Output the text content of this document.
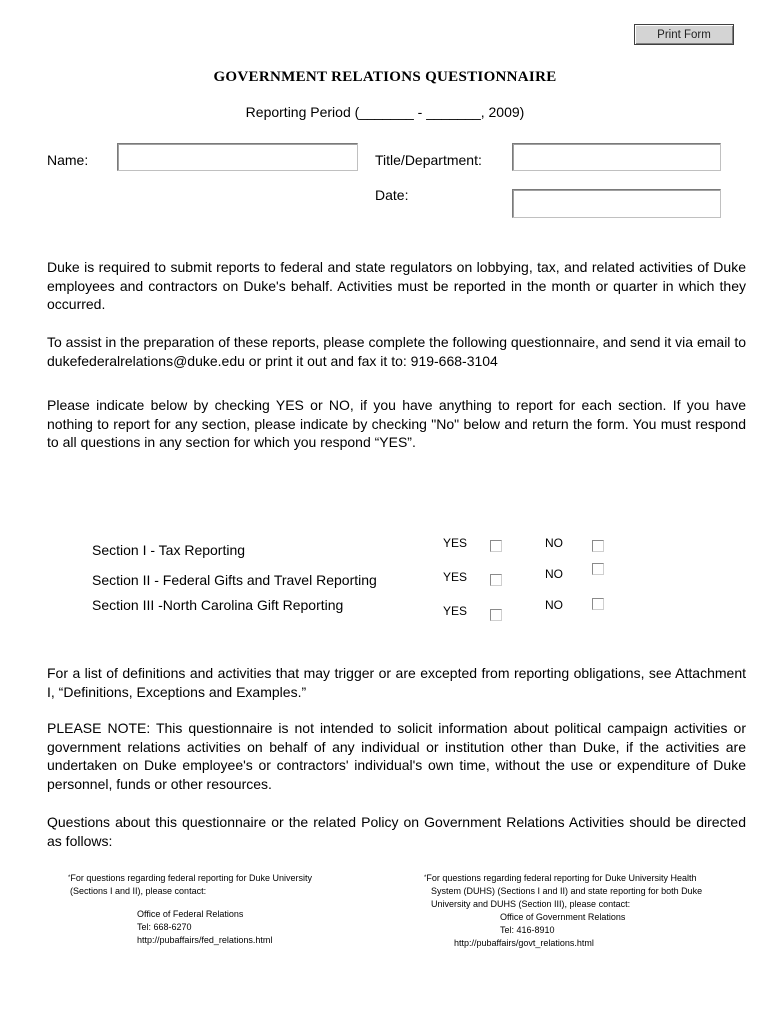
Print Form
GOVERNMENT RELATIONS QUESTIONNAIRE
Reporting Period (_______ - _______, 2009)
Name:	Title/Department:
Date:

Duke is required to submit reports to federal and state regulators on lobbying, tax, and related activities of Duke employees and contractors on Duke's behalf. Activities must be reported in the month or quarter in which they occurred.

To assist in the preparation of these reports, please complete the following questionnaire, and send it via email to dukefederalrelations@duke.edu or print it out and fax it to: 919-668-3104

Please indicate below by checking YES or NO, if you have anything to report for each section. If you have nothing to report for any section, please indicate by checking "No" below and return the form. You must respond to all questions in any section for which you respond “YES”.

Section I - Tax Reporting
Section II - Federal Gifts and Travel Reporting
Section III -North Carolina Gift Reporting
YES
YES
YES
NO
NO
NO

For a list of definitions and activities that may trigger or are excepted from reporting obligations, see Attachment I, “Definitions, Exceptions and Examples.”

PLEASE NOTE: This questionnaire is not intended to solicit information about political campaign activities or government relations activities on behalf of any individual or institution other than Duke, if the activities are undertaken on Duke employee's or contractors' individual's own time, without the use or expenditure of Duke personnel, funds or other resources.

Questions about this questionnaire or the related Policy on Government Relations Activities should be directed as follows:

*For questions regarding federal reporting for Duke University

(Sections I and II), please contact:

Office of Federal Relations

Tel: 668-6270

http://pubaffairs/fed_relations.html

*For questions regarding federal reporting for Duke University Health

System (DUHS) (Sections I and II) and state reporting for both Duke

University and DUHS (Section III), please contact:

Office of Government Relations

Tel: 416-8910

http://pubaffairs/govt_relations.html
